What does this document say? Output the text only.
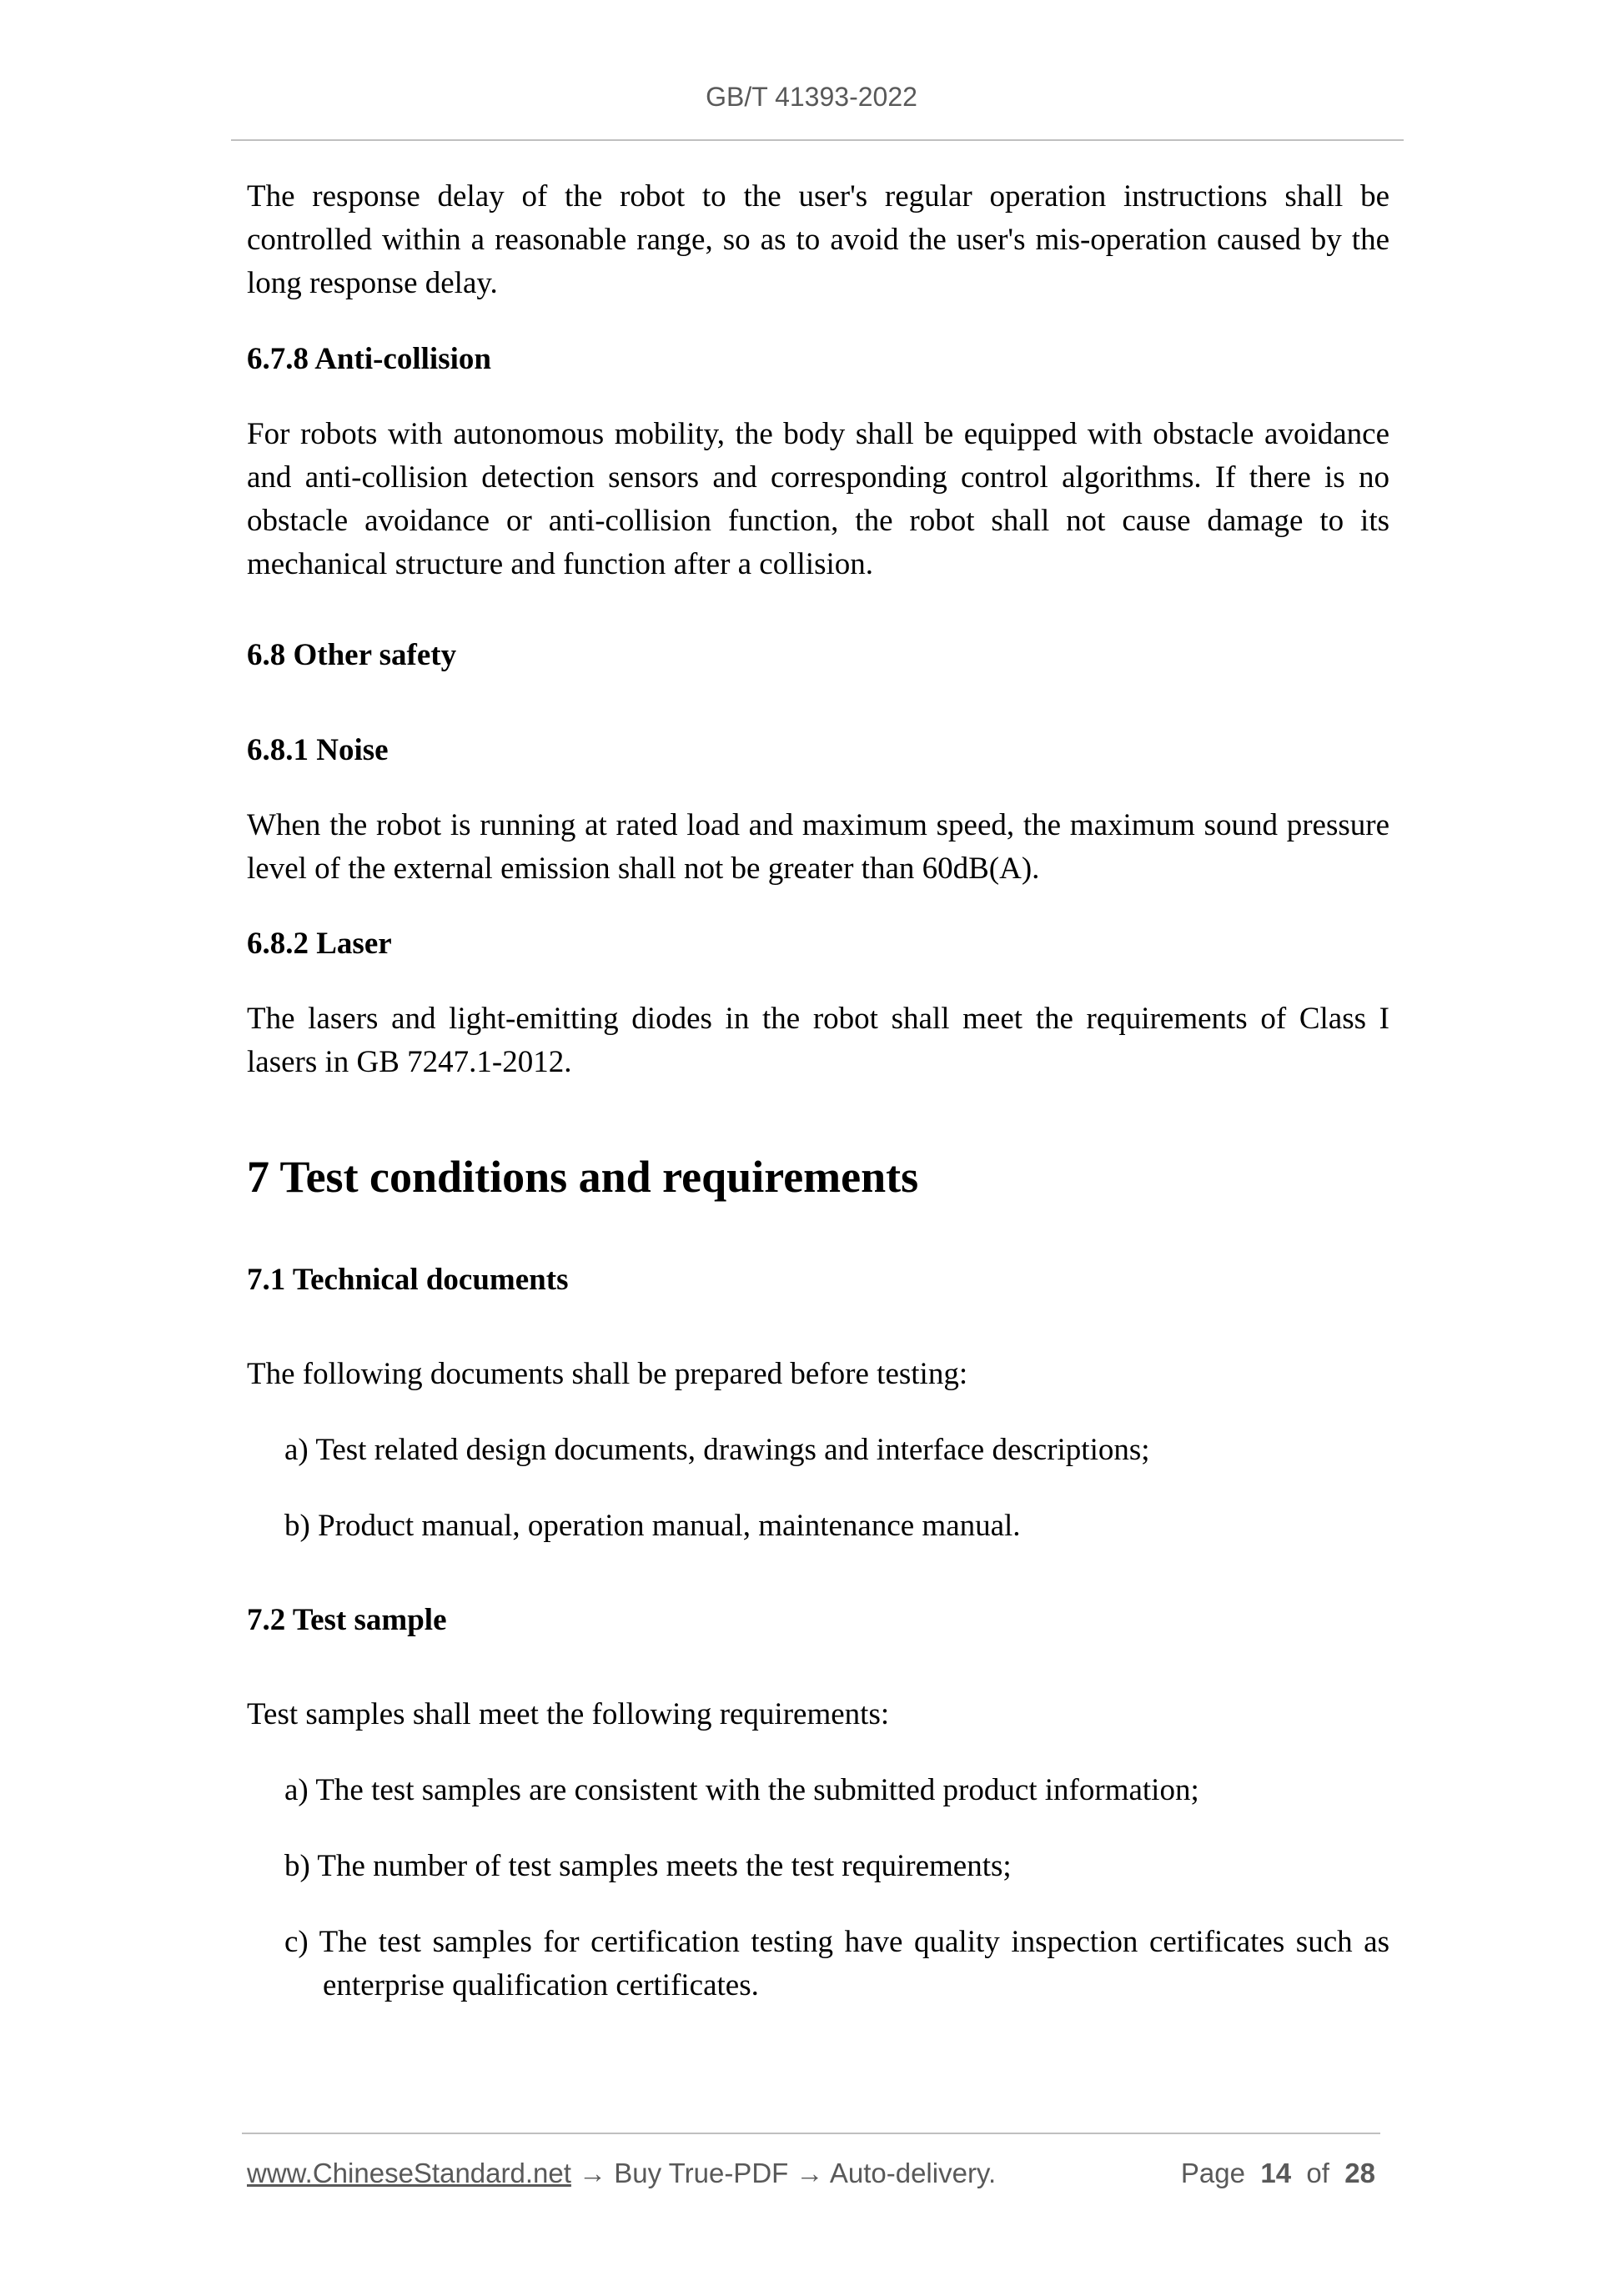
GB/T 41393-2022

The response delay of the robot to the user's regular operation instructions shall be controlled within a reasonable range, so as to avoid the user's mis-operation caused by the long response delay.

6.7.8 Anti-collision

For robots with autonomous mobility, the body shall be equipped with obstacle avoidance and anti-collision detection sensors and corresponding control algorithms. If there is no obstacle avoidance or anti-collision function, the robot shall not cause damage to its mechanical structure and function after a collision.

6.8 Other safety

6.8.1 Noise

When the robot is running at rated load and maximum speed, the maximum sound pressure level of the external emission shall not be greater than 60dB(A).

6.8.2 Laser

The lasers and light-emitting diodes in the robot shall meet the requirements of Class I lasers in GB 7247.1-2012.

7 Test conditions and requirements

7.1 Technical documents

The following documents shall be prepared before testing:

a) Test related design documents, drawings and interface descriptions;

b) Product manual, operation manual, maintenance manual.

7.2 Test sample

Test samples shall meet the following requirements:

a) The test samples are consistent with the submitted product information;

b) The number of test samples meets the test requirements;

c) The test samples for certification testing have quality inspection certificates such as enterprise qualification certificates.

www.ChineseStandard.net → Buy True-PDF → Auto-delivery.	Page 14 of 28
